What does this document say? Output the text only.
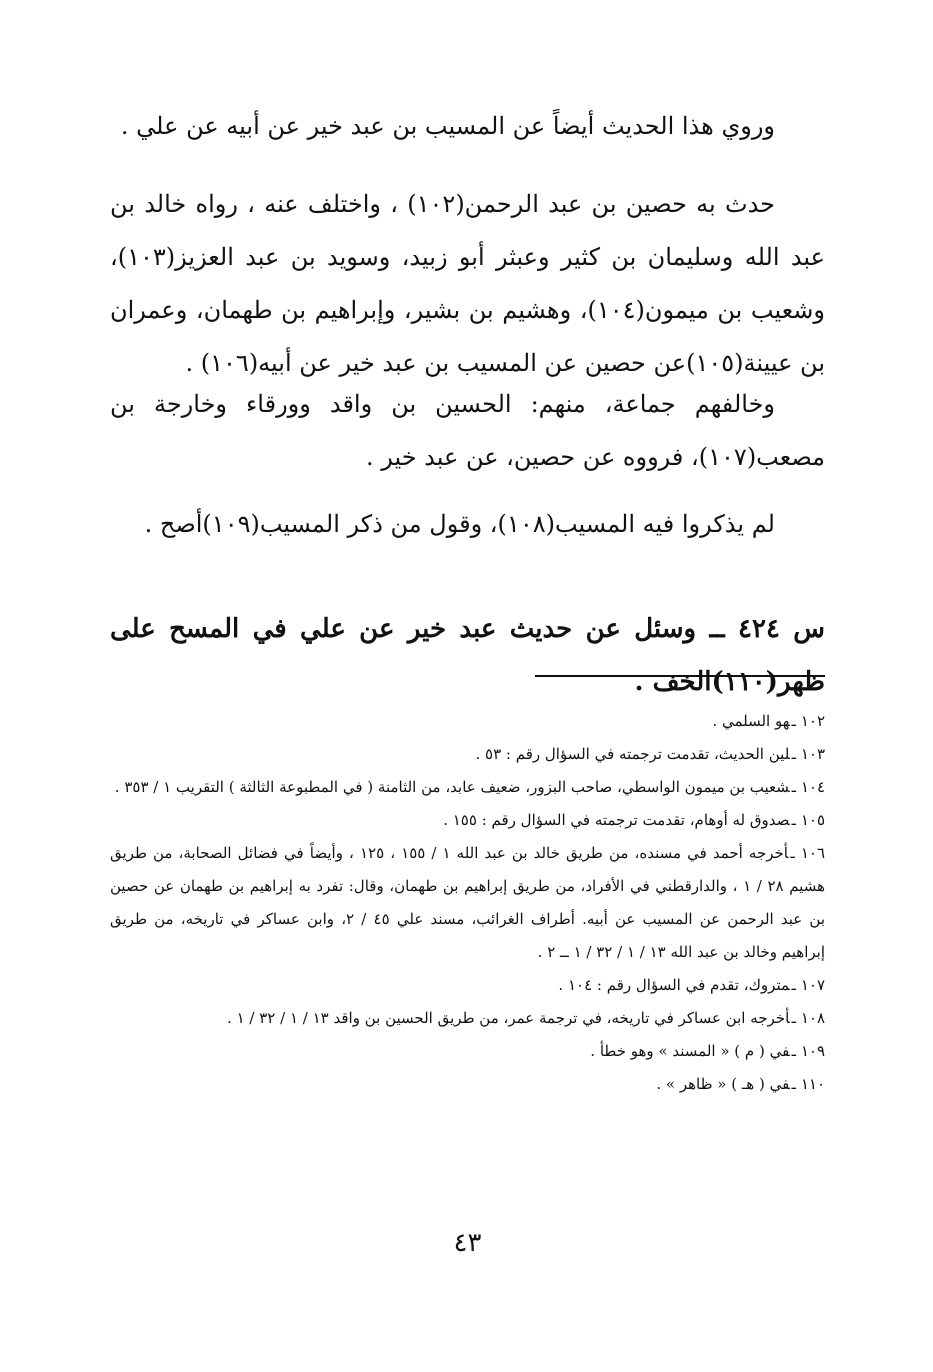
وروي هذا الحديث أيضاً عن المسيب بن عبد خير عن أبيه عن علي .

حدث به حصين بن عبد الرحمن(١٠٢) ، واختلف عنه ، رواه خالد بن عبد الله وسليمان بن كثير وعبثر أبو زبيد، وسويد بن عبد العزيز(١٠٣)، وشعيب بن ميمون(١٠٤)، وهشيم بن بشير، وإبراهيم بن طهمان، وعمران بن عيينة(١٠٥)عن حصين عن المسيب بن عبد خير عن أبيه(١٠٦) .

وخالفهم جماعة، منهم: الحسين بن واقد وورقاء وخارجة بن مصعب(١٠٧)، فرووه عن حصين، عن عبد خير .

لم يذكروا فيه المسيب(١٠٨)، وقول من ذكر المسيب(١٠٩)أصح .

س ٤٢٤ ــ وسئل عن حديث عبد خير عن علي في المسح على ظهر(١١٠)الخف .

١٠٢ ـهو السلمي .

١٠٣ ـلين الحديث، تقدمت ترجمته في السؤال رقم : ٥٣ .

١٠٤ ـشعيب بن ميمون الواسطي، صاحب البزور، ضعيف عابد، من الثامنة ( في المطبوعة الثالثة ) التقريب ١ / ٣٥٣ .

١٠٥ ـصدوق له أوهام، تقدمت ترجمته في السؤال رقم : ١٥٥ .

١٠٦ ـأخرجه أحمد في مسنده، من طريق خالد بن عبد الله ١ / ١٥٥ ، ١٢٥ ، وأيضاً في فضائل الصحابة، من طريق هشيم ٢٨ / ١ ، والدارقطني في الأفراد، من طريق إبراهيم بن طهمان، وقال: تفرد به إبراهيم بن طهمان عن حصين بن عبد الرحمن عن المسيب عن أبيه. أطراف الغرائب، مسند علي ٤٥ / ٢، وابن عساكر في تاريخه، من طريق إبراهيم وخالد بن عبد الله ١٣ / ١ / ٣٢ / ١ ــ ٢ .

١٠٧ ـمتروك، تقدم في السؤال رقم : ١٠٤ .

١٠٨ ـأخرجه ابن عساكر في تاريخه، في ترجمة عمر، من طريق الحسين بن واقد ١٣ / ١ / ٣٢ / ١ .

١٠٩ ـفي ( م ) « المسند » وهو خطأ .

١١٠ ـفي ( هـ ) « ظاهر » .

٤٣
